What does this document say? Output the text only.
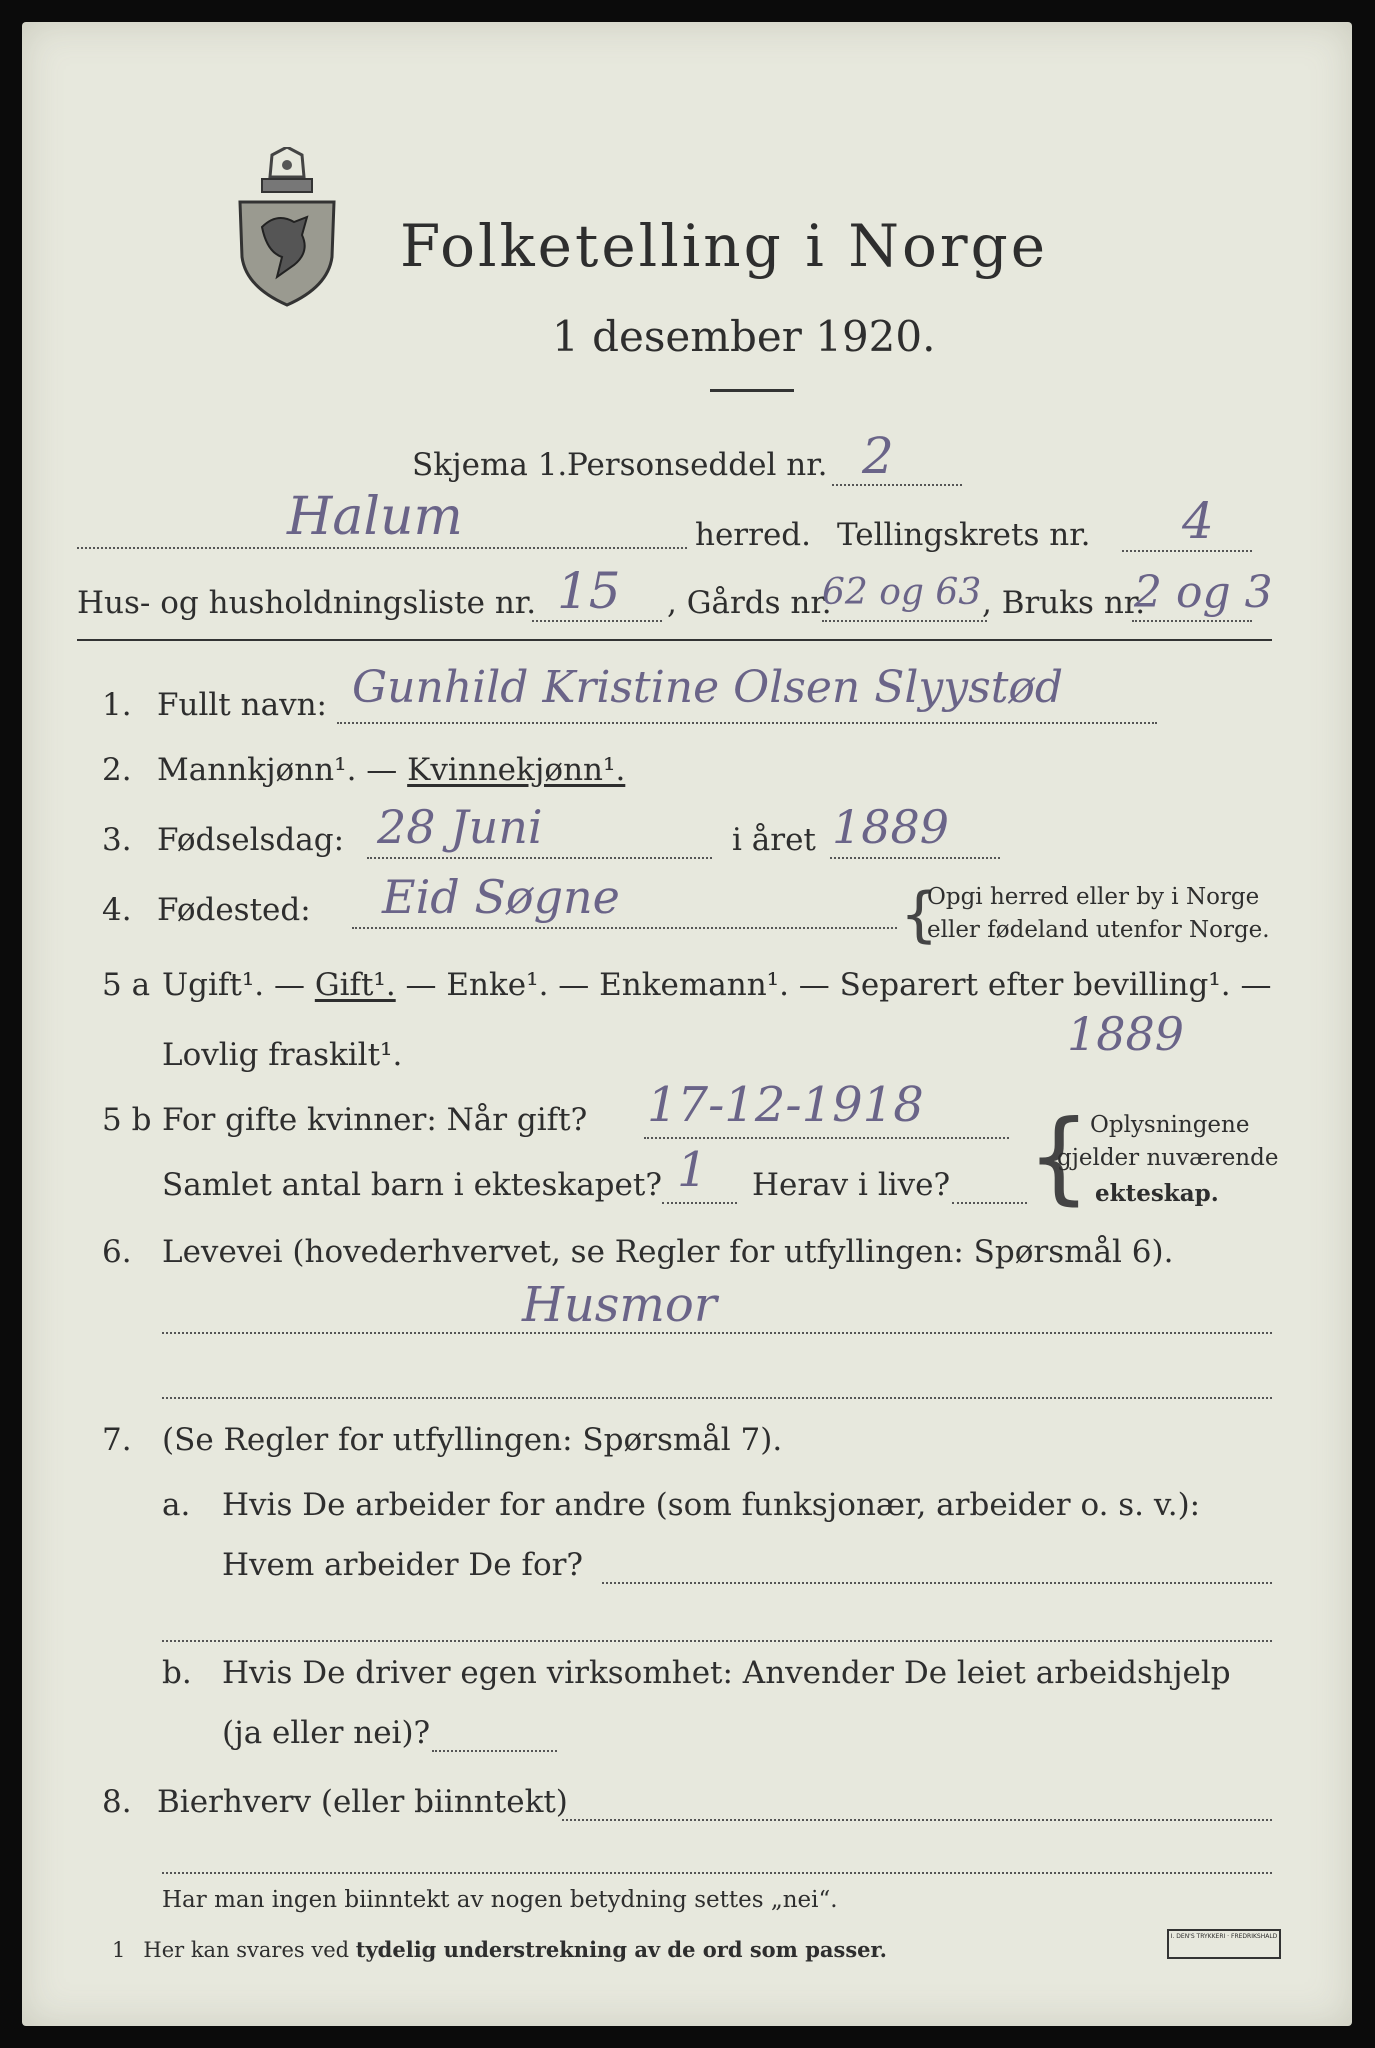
Folketelling i Norge
1 desember 1920.
Skjema 1. Personseddel nr. 2
Halum	herred. Tellingskrets nr. 4
Hus- og husholdningsliste nr. 15 , Gårds nr.
62 og 63 , Bruks nr.
2 og 3
1. Fullt navn: Gunhild Kristine Olsen Slyystød
2. Mannkjønn¹. — Kvinnekjønn¹.
3. Fødselsdag: 28 Juni	i året 1889
4. Fødested: Eid Søgne	{
Opgi herred eller by i Norge
eller fødeland utenfor Norge.
5 a Ugift¹. — Gift¹. — Enke¹. — Enkemann¹. — Separert efter bevilling¹. —
Lovlig fraskilt¹.	1889
5 b For gifte kvinner: Når gift? 17-12-1918
Samlet antal barn i ekteskapet? 1 Herav i live? { Oplysningene
gjelder nuværende
ekteskap.
6. Levevei (hovederhvervet, se Regler for utfyllingen: Spørsmål 6).
Husmor
7. (Se Regler for utfyllingen: Spørsmål 7).
a. Hvis De arbeider for andre (som funksjonær, arbeider o. s. v.):
Hvem arbeider De for?
b. Hvis De driver egen virksomhet: Anvender De leiet arbeidshjelp
(ja eller nei)?
8. Bierhverv (eller biinntekt)
Har man ingen biinntekt av nogen betydning settes „nei“.
1 Her kan svares ved tydelig understrekning av de ord som passer.
I. DEN'S TRYKKERI · FREDRIKSHALD
